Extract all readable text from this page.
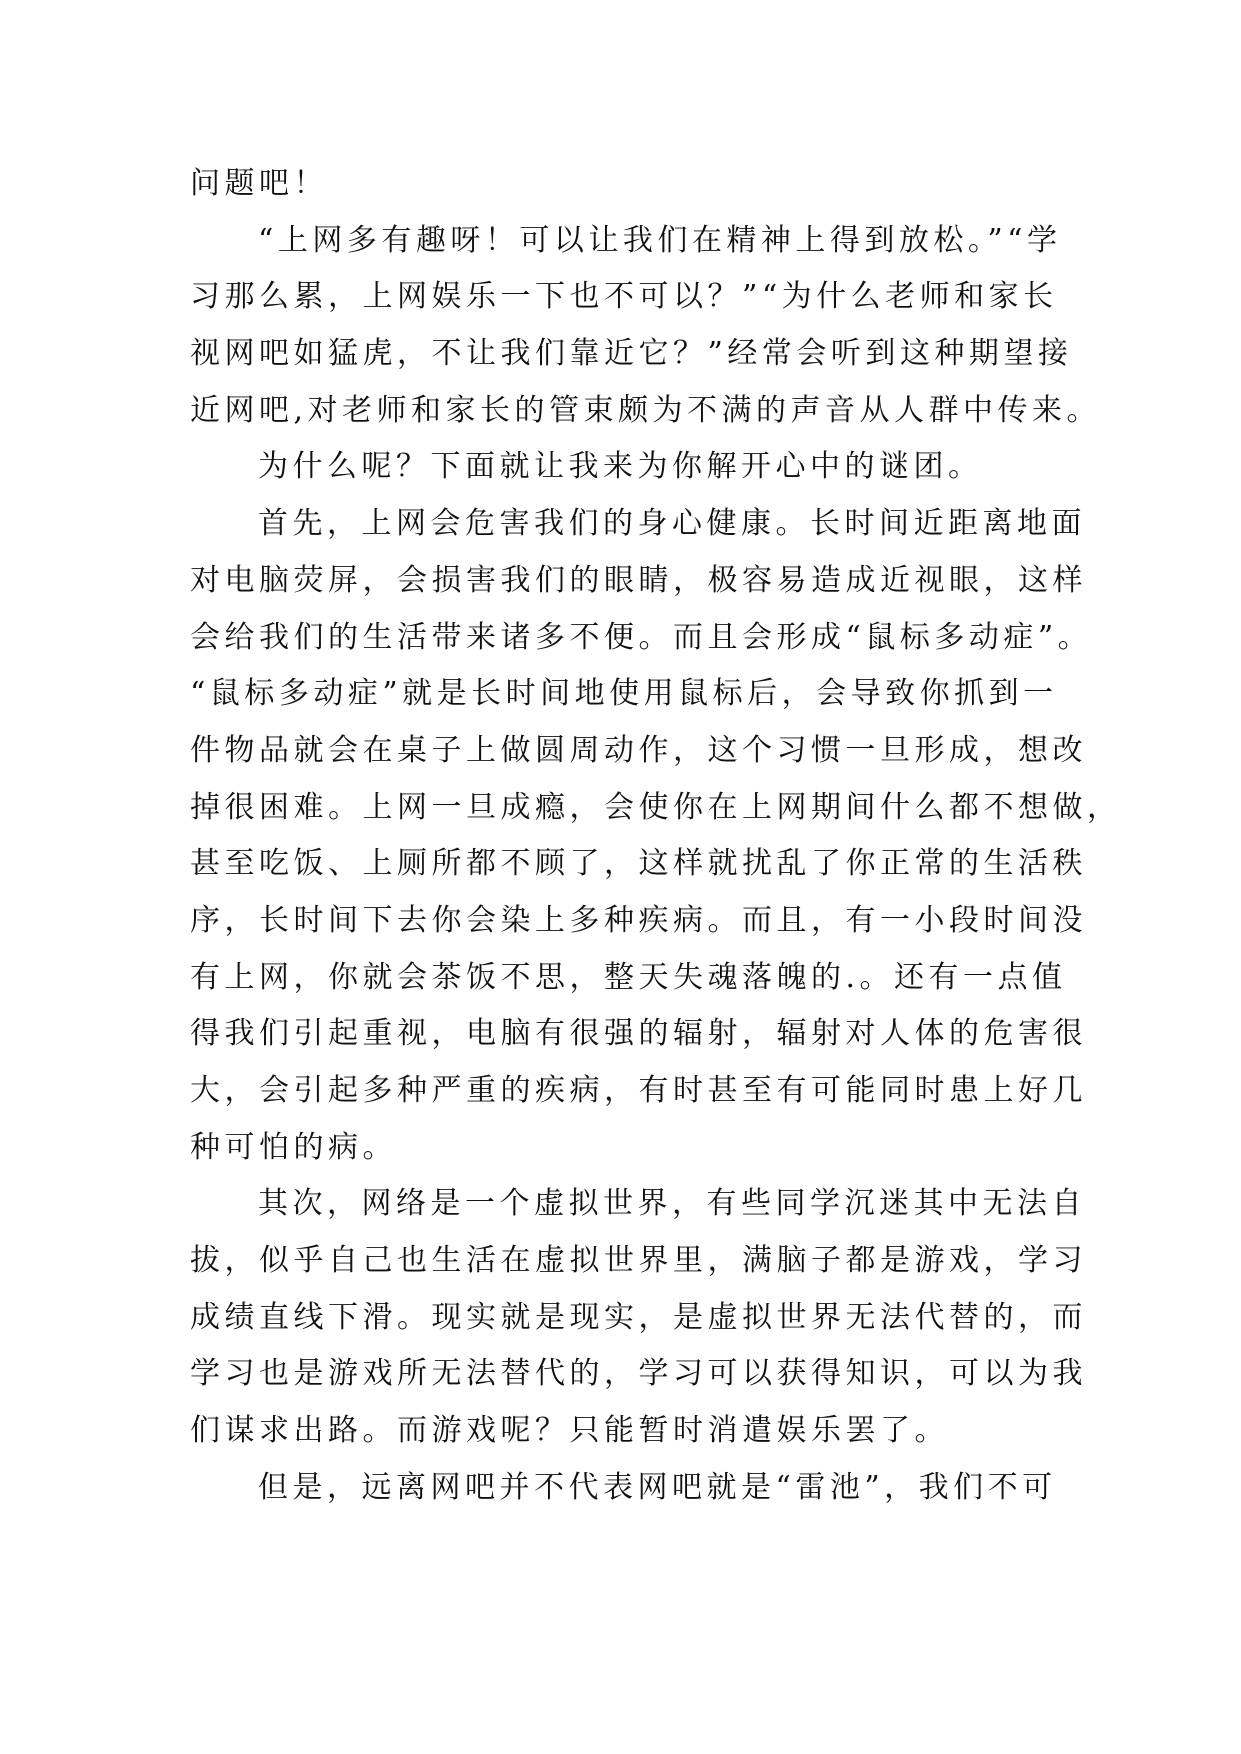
问题吧！
“上网多有趣呀！可以让我们在精神上得到放松。”“学
习那么累，上网娱乐一下也不可以？”“为什么老师和家长
视网吧如猛虎，不让我们靠近它？”经常会听到这种期望接
近网吧,对老师和家长的管束颇为不满的声音从人群中传来。
为什么呢？下面就让我来为你解开心中的谜团。
首先，上网会危害我们的身心健康。长时间近距离地面
对电脑荧屏，会损害我们的眼睛，极容易造成近视眼，这样
会给我们的生活带来诸多不便。而且会形成“鼠标多动症”。
“鼠标多动症”就是长时间地使用鼠标后，会导致你抓到一
件物品就会在桌子上做圆周动作，这个习惯一旦形成，想改
掉很困难。上网一旦成瘾，会使你在上网期间什么都不想做，
甚至吃饭、上厕所都不顾了，这样就扰乱了你正常的生活秩
序，长时间下去你会染上多种疾病。而且，有一小段时间没
有上网，你就会茶饭不思，整天失魂落魄的.。还有一点值
得我们引起重视，电脑有很强的辐射，辐射对人体的危害很
大，会引起多种严重的疾病，有时甚至有可能同时患上好几
种可怕的病。
其次，网络是一个虚拟世界，有些同学沉迷其中无法自
拔，似乎自己也生活在虚拟世界里，满脑子都是游戏，学习
成绩直线下滑。现实就是现实，是虚拟世界无法代替的，而
学习也是游戏所无法替代的，学习可以获得知识，可以为我
们谋求出路。而游戏呢？只能暂时消遣娱乐罢了。
但是，远离网吧并不代表网吧就是“雷池”，我们不可
